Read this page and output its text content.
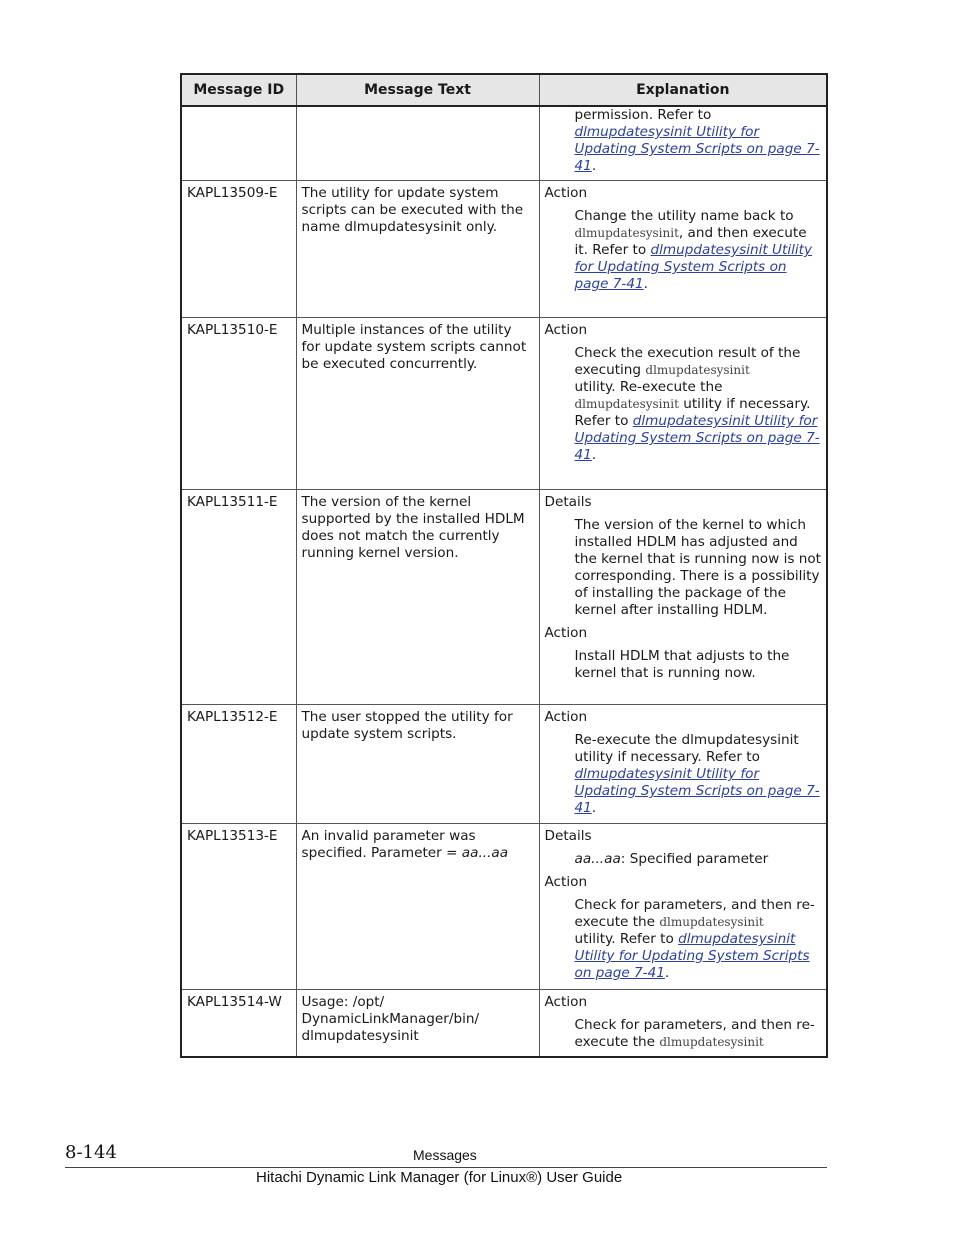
Message ID	Message Text	Explanation

		permission. Refer to
dlmupdatesysinit Utility for Updating System Scripts on page 7-41.

KAPL13509-E	The utility for update system scripts can be executed with the name dlmupdatesysinit only.	Action
Change the utility name back to dlmupdatesysinit, and then execute it. Refer to dlmupdatesysinit Utility for Updating System Scripts on page 7-41.

KAPL13510-E	Multiple instances of the utility for update system scripts cannot be executed concurrently.	Action
Check the execution result of the executing dlmupdatesysinit
utility. Re-execute the
dlmupdatesysinit utility if necessary. Refer to dlmupdatesysinit Utility for Updating System Scripts on page 7-41.

KAPL13511-E	The version of the kernel supported by the installed HDLM does not match the currently running kernel version.	Details
The version of the kernel to which installed HDLM has adjusted and the kernel that is running now is not corresponding. There is a possibility of installing the package of the kernel after installing HDLM.
Action
Install HDLM that adjusts to the kernel that is running now.

KAPL13512-E	The user stopped the utility for update system scripts.	Action
Re-execute the dlmupdatesysinit utility if necessary. Refer to dlmupdatesysinit Utility for Updating System Scripts on page 7-41.

KAPL13513-E	An invalid parameter was specified. Parameter = aa...aa	Details
aa...aa: Specified parameter
Action
Check for parameters, and then re-execute the dlmupdatesysinit
utility. Refer to dlmupdatesysinit Utility for Updating System Scripts on page 7-41.

KAPL13514-W	Usage: /opt/ DynamicLinkManager/bin/ dlmupdatesysinit	Action
Check for parameters, and then re-execute the dlmupdatesysinit
8-144	Messages
Hitachi Dynamic Link Manager (for Linux®) User Guide
